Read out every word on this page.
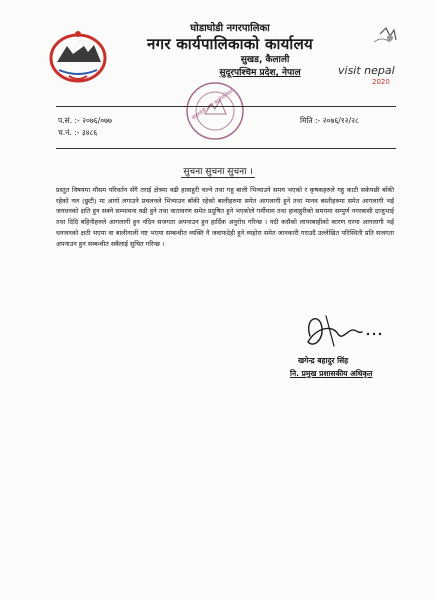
घोडाघोडी नगरपालिका
नगर कार्यपालिकाको कार्यालय
सुखड, कैलाली
सुदूरपश्चिम प्रदेश, नेपाल	visit nepal
2020
घोडाघोडी नगर कार्यपालिका
प.सं. :- २०७६/०७७
च.नं. :- ३४८६
मिति :- २०७६/१२/२८
सुचना सुचना सुचना ।

प्रस्तुत विषयमा मौसम परिवर्तन सँगै तराई क्षेत्रमा वढी हावाहुरी चल्ने तथा गहु बाली भित्र्याउने समय भएको र कृषकहरुले गहु काटी सकेपछी बाँकी रहेको नल (छुटी) मा आगो लगाउने प्रचलनले भित्र्याउन बाँकी रहेको बालीहरुमा समेत आगलागी हुने तथा मानव बस्तीहरुमा समेत आगलागी भई जनधनको क्षति हुन सक्ने सम्भावना वढी हुने तथा वातावरण समेत प्रदुषित हुने भएकोले गर्मीयाम तथा हावाहुरीको समयमा सम्पुर्ण नगरबासी दाजुभाई तथा दिदि बहिनीहरुले आगलागी हुन नदिन सजगता अपनाउन हुन हार्दिक अनुरोध गरिन्छ । यदी कसैको लापरबाहीको कारण घरमा आगलागी भई धनजनको क्षती भएमा वा बालीनाली नष्ट भएमा सम्बन्धीत व्यक्ति नै जवाफदेही हुने व्यहोरा समेत जानकारी गराउदै उल्लेखित परिस्थिती प्रति सजगता अपनाउन हुन सम्बन्धीत सबैलाई सुचित गरिन्छ ।

खगेन्द्र बहादुर सिंह
नि. प्रमुख प्रशासकीय अधिकृत
